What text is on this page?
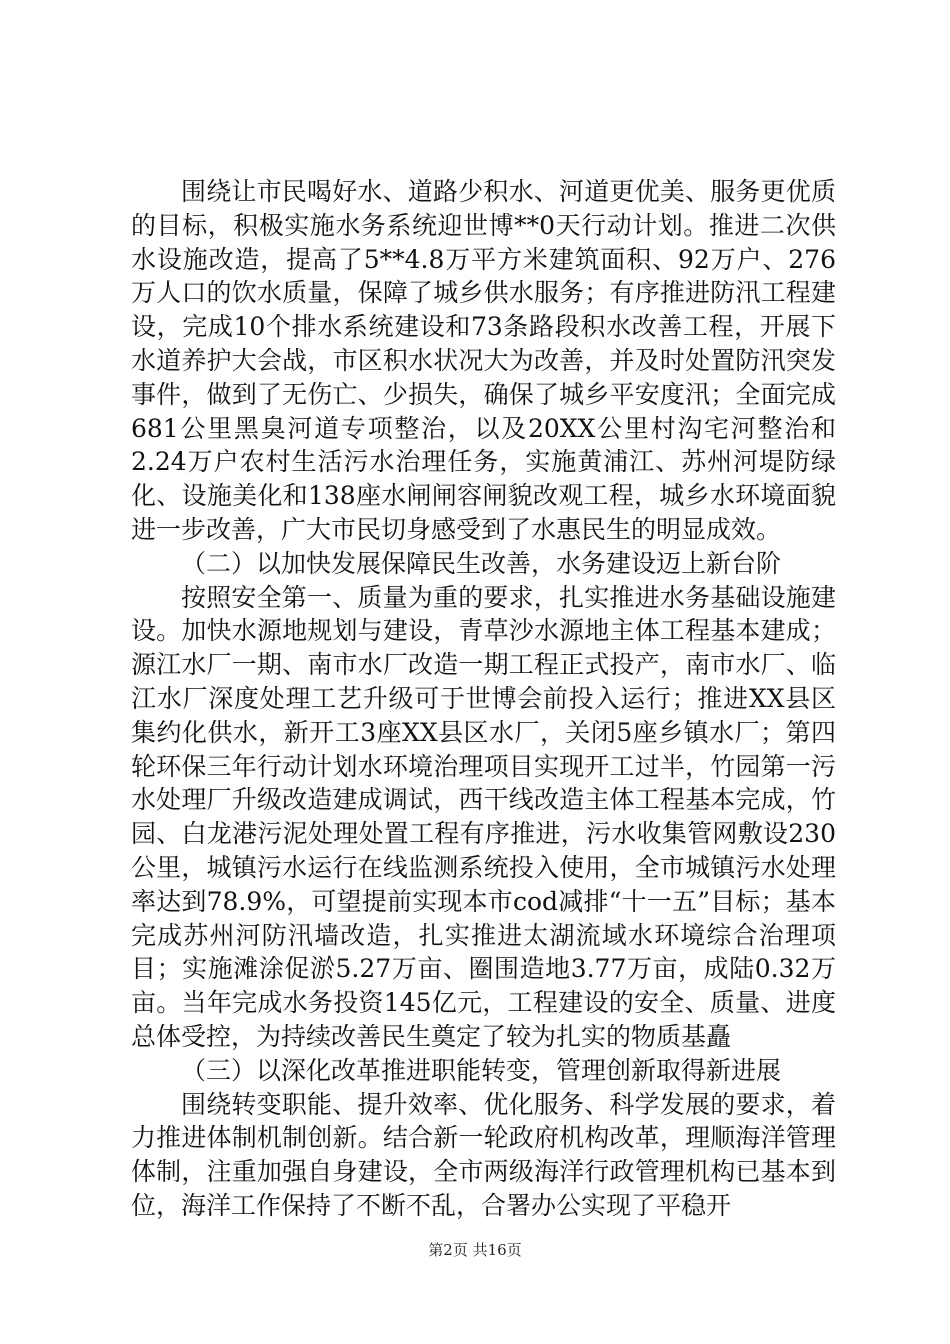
围绕让市民喝好水、道路少积水、河道更优美、服务更优质的目标，积极实施水务系统迎世博**0天行动计划。推进二次供水设施改造，提高了5**4.8万平方米建筑面积、92万户、276万人口的饮水质量，保障了城乡供水服务；有序推进防汛工程建设，完成10个排水系统建设和73条路段积水改善工程，开展下水道养护大会战，市区积水状况大为改善，并及时处置防汛突发事件，做到了无伤亡、少损失，确保了城乡平安度汛；全面完成681公里黑臭河道专项整治，以及20XX公里村沟宅河整治和2.24万户农村生活污水治理任务，实施黄浦江、苏州河堤防绿化、设施美化和138座水闸闸容闸貌改观工程，城乡水环境面貌进一步改善，广大市民切身感受到了水惠民生的明显成效。

（二）以加快发展保障民生改善，水务建设迈上新台阶

按照安全第一、质量为重的要求，扎实推进水务基础设施建设。加快水源地规划与建设，青草沙水源地主体工程基本建成；源江水厂一期、南市水厂改造一期工程正式投产，南市水厂、临江水厂深度处理工艺升级可于世博会前投入运行；推进XX县区集约化供水，新开工3座XX县区水厂，关闭5座乡镇水厂；第四轮环保三年行动计划水环境治理项目实现开工过半，竹园第一污水处理厂升级改造建成调试，西干线改造主体工程基本完成，竹园、白龙港污泥处理处置工程有序推进，污水收集管网敷设230公里，城镇污水运行在线监测系统投入使用，全市城镇污水处理率达到78.9%，可望提前实现本市cod减排“十一五”目标；基本完成苏州河防汛墙改造，扎实推进太湖流域水环境综合治理项目；实施滩涂促淤5.27万亩、圈围造地3.77万亩，成陆0.32万亩。当年完成水务投资145亿元，工程建设的安全、质量、进度总体受控，为持续改善民生奠定了较为扎实的物质基矗

（三）以深化改革推进职能转变，管理创新取得新进展

围绕转变职能、提升效率、优化服务、科学发展的要求，着力推进体制机制创新。结合新一轮政府机构改革，理顺海洋管理体制，注重加强自身建设，全市两级海洋行政管理机构已基本到位，海洋工作保持了不断不乱，合署办公实现了平稳开

第2页 共16页
